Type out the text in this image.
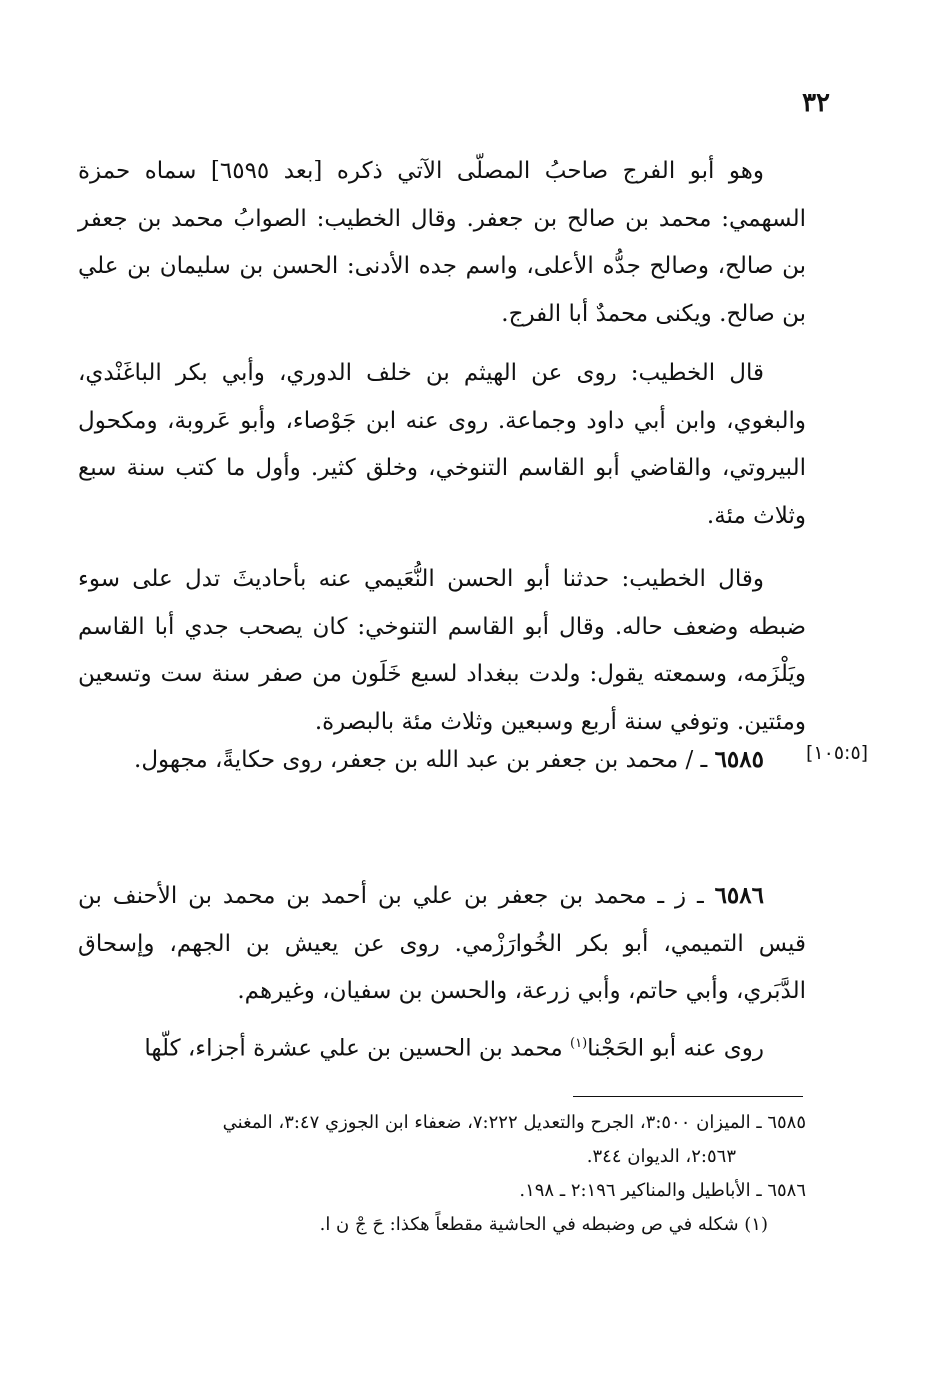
٣٢

وهو أبو الفرج صاحبُ المصلّى الآتي ذكره [بعد ٦٥٩٥] سماه حمزة السهمي: محمد بن صالح بن جعفر. وقال الخطيب: الصوابُ محمد بن جعفر بن صالح، وصالح جدُّه الأعلى، واسم جده الأدنى: الحسن بن سليمان بن علي بن صالح. ويكنى محمدٌ أبا الفرج.

قال الخطيب: روى عن الهيثم بن خلف الدوري، وأبي بكر الباغَنْدي، والبغوي، وابن أبي داود وجماعة. روى عنه ابن جَوْصاء، وأبو عَروبة، ومكحول البيروتي، والقاضي أبو القاسم التنوخي، وخلق كثير. وأول ما كتب سنة سبع وثلاث مئة.

وقال الخطيب: حدثنا أبو الحسن النُّعَيمي عنه بأحاديثَ تدل على سوء ضبطه وضعف حاله. وقال أبو القاسم التنوخي: كان يصحب جدي أبا القاسم ويَلْزَمه، وسمعته يقول: ولدت ببغداد لسبع خَلَون من صفر سنة ست وتسعين ومئتين. وتوفي سنة أربع وسبعين وثلاث مئة بالبصرة.

[١٠٥:٥]

٦٥٨٥ ـ / محمد بن جعفر بن عبد الله بن جعفر، روى حكايةً، مجهول.

٦٥٨٦ ـ ز ـ محمد بن جعفر بن علي بن أحمد بن محمد بن الأحنف بن قيس التميمي، أبو بكر الخُوارَزْمي. روى عن يعيش بن الجهم، وإسحاق الدَّبَري، وأبي حاتم، وأبي زرعة، والحسن بن سفيان، وغيرهم.

روى عنه أبو الحَجْنا$^{(١)}$ محمد بن الحسين بن علي عشرة أجزاء، كلّها

٦٥٨٥ ـ الميزان ٣:٥٠٠، الجرح والتعديل ٧:٢٢٢، ضعفاء ابن الجوزي ٣:٤٧، المغني

٢:٥٦٣، الديوان ٣٤٤.

٦٥٨٦ ـ الأباطيل والمناكير ٢:١٩٦ ـ ١٩٨.

(١) شكله في ص وضبطه في الحاشية مقطعاً هكذا: حَ جْ ن ا.
